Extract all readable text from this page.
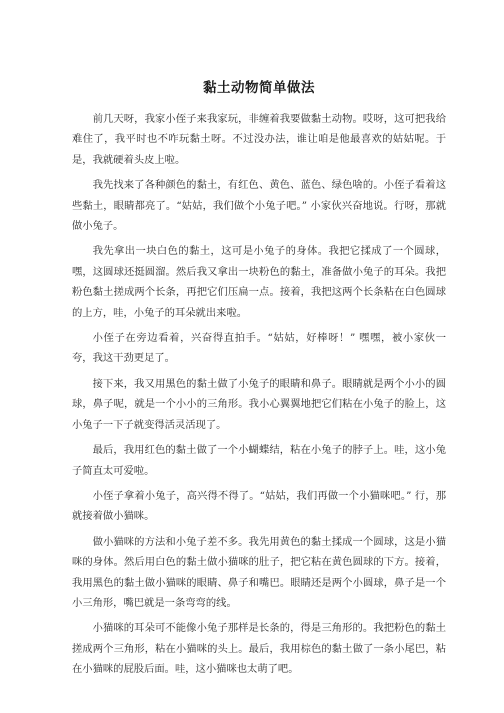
黏土动物简单做法

前几天呀，我家小侄子来我家玩，非缠着我要做黏土动物。哎呀，这可把我给难住了，我平时也不咋玩黏土呀。不过没办法，谁让咱是他最喜欢的姑姑呢。于是，我就硬着头皮上啦。

我先找来了各种颜色的黏土，有红色、黄色、蓝色、绿色啥的。小侄子看着这些黏土，眼睛都亮了。“姑姑，我们做个小兔子吧。” 小家伙兴奋地说。行呀，那就做小兔子。

我先拿出一块白色的黏土，这可是小兔子的身体。我把它揉成了一个圆球，嘿，这圆球还挺圆溜。然后我又拿出一块粉色的黏土，准备做小兔子的耳朵。我把粉色黏土搓成两个长条，再把它们压扁一点。接着，我把这两个长条粘在白色圆球的上方，哇，小兔子的耳朵就出来啦。

小侄子在旁边看着，兴奋得直拍手。“姑姑，好棒呀！” 嘿嘿，被小家伙一夸，我这干劲更足了。

接下来，我又用黑色的黏土做了小兔子的眼睛和鼻子。眼睛就是两个小小的圆球，鼻子呢，就是一个小小的三角形。我小心翼翼地把它们粘在小兔子的脸上，这小兔子一下子就变得活灵活现了。

最后，我用红色的黏土做了一个小蝴蝶结，粘在小兔子的脖子上。哇，这小兔子简直太可爱啦。

小侄子拿着小兔子，高兴得不得了。“姑姑，我们再做一个小猫咪吧。” 行，那就接着做小猫咪。

做小猫咪的方法和小兔子差不多。我先用黄色的黏土揉成一个圆球，这是小猫咪的身体。然后用白色的黏土做小猫咪的肚子，把它粘在黄色圆球的下方。接着，我用黑色的黏土做小猫咪的眼睛、鼻子和嘴巴。眼睛还是两个小圆球，鼻子是一个小三角形，嘴巴就是一条弯弯的线。

小猫咪的耳朵可不能像小兔子那样是长条的，得是三角形的。我把粉色的黏土搓成两个三角形，粘在小猫咪的头上。最后，我用棕色的黏土做了一条小尾巴，粘在小猫咪的屁股后面。哇，这小猫咪也太萌了吧。
